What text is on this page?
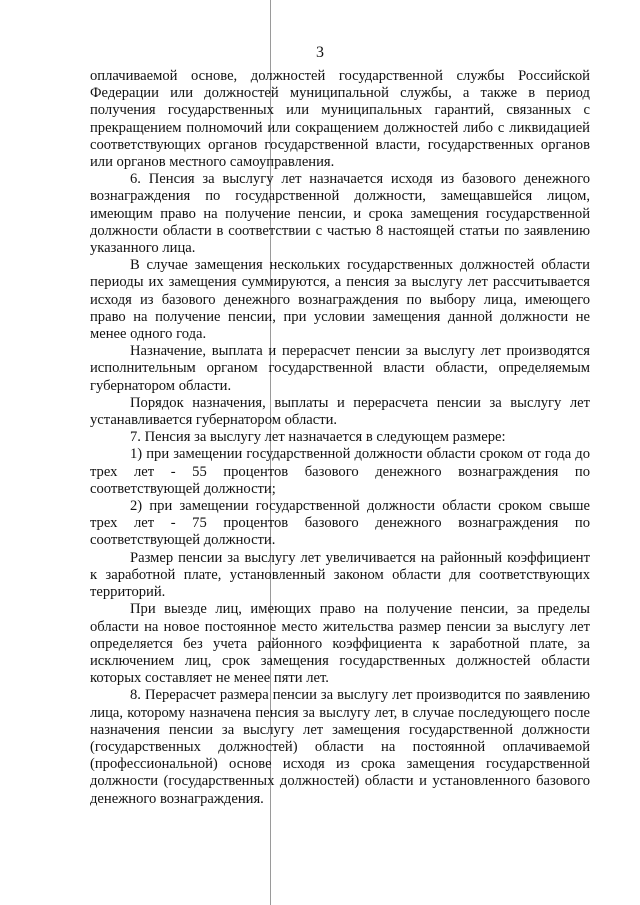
3

оплачиваемой основе, должностей государственной службы Российской Федерации или должностей муниципальной службы, а также в период получения государственных или муниципальных гарантий, связанных с прекращением полномочий или сокращением должностей либо с ликвидацией соответствующих органов государственной власти, государственных органов или органов местного самоуправления.

6. Пенсия за выслугу лет назначается исходя из базового денежного вознаграждения по государственной должности, замещавшейся лицом, имеющим право на получение пенсии, и срока замещения государственной должности области в соответствии с частью 8 настоящей статьи по заявлению указанного лица.

В случае замещения нескольких государственных должностей области периоды их замещения суммируются, а пенсия за выслугу лет рассчитывается исходя из базового денежного вознаграждения по выбору лица, имеющего право на получение пенсии, при условии замещения данной должности не менее одного года.

Назначение, выплата и перерасчет пенсии за выслугу лет производятся исполнительным органом государственной власти области, определяемым губернатором области.

Порядок назначения, выплаты и перерасчета пенсии за выслугу лет устанавливается губернатором области.

7. Пенсия за выслугу лет назначается в следующем размере:

1) при замещении государственной должности области сроком от года до трех лет - 55 процентов базового денежного вознаграждения по соответствующей должности;

2) при замещении государственной должности области сроком свыше трех лет - 75 процентов базового денежного вознаграждения по соответствующей должности.

Размер пенсии за выслугу лет увеличивается на районный коэффициент к заработной плате, установленный законом области для соответствующих территорий.

При выезде лиц, имеющих право на получение пенсии, за пределы области на новое постоянное место жительства размер пенсии за выслугу лет определяется без учета районного коэффициента к заработной плате, за исключением лиц, срок замещения государственных должностей области которых составляет не менее пяти лет.

8. Перерасчет размера пенсии за выслугу лет производится по заявлению лица, которому назначена пенсия за выслугу лет, в случае последующего после назначения пенсии за выслугу лет замещения государственной должности (государственных должностей) области на постоянной оплачиваемой (профессиональной) основе исходя из срока замещения государственной должности (государственных должностей) области и установленного базового денежного вознаграждения.
